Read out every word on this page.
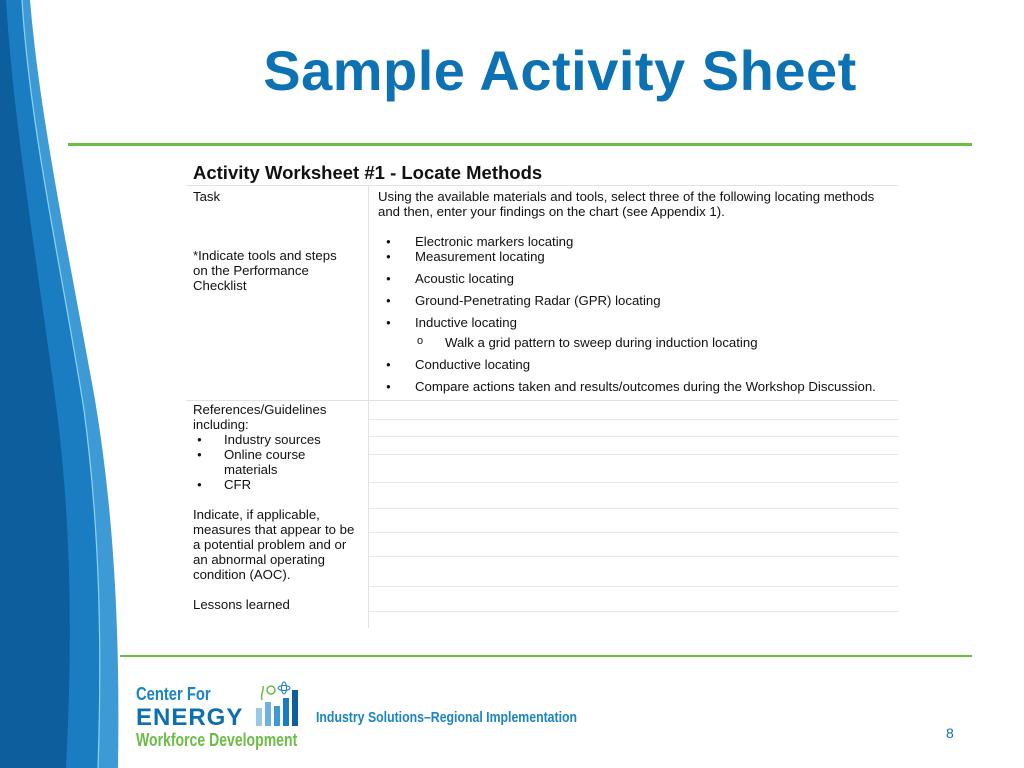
Sample Activity Sheet
Activity Worksheet #1 - Locate Methods
Task
*Indicate tools and steps on the Performance Checklist
Using the available materials and tools, select three of the following locating methods and then, enter your findings on the chart (see Appendix 1).
● Electronic markers locating
● Measurement locating
● Acoustic locating
● Ground-Penetrating Radar (GPR) locating
● Inductive locating
o Walk a grid pattern to sweep during induction locating
● Conductive locating
● Compare actions taken and results/outcomes during the Workshop Discussion.
References/Guidelines including:
● Industry sources
● Online course materials
● CFR
Indicate, if applicable, measures that appear to be a potential problem and or an abnormal operating condition (AOC).
Lessons learned
Center For
ENERGY
Workforce Development
Industry Solutions–Regional Implementation
8
